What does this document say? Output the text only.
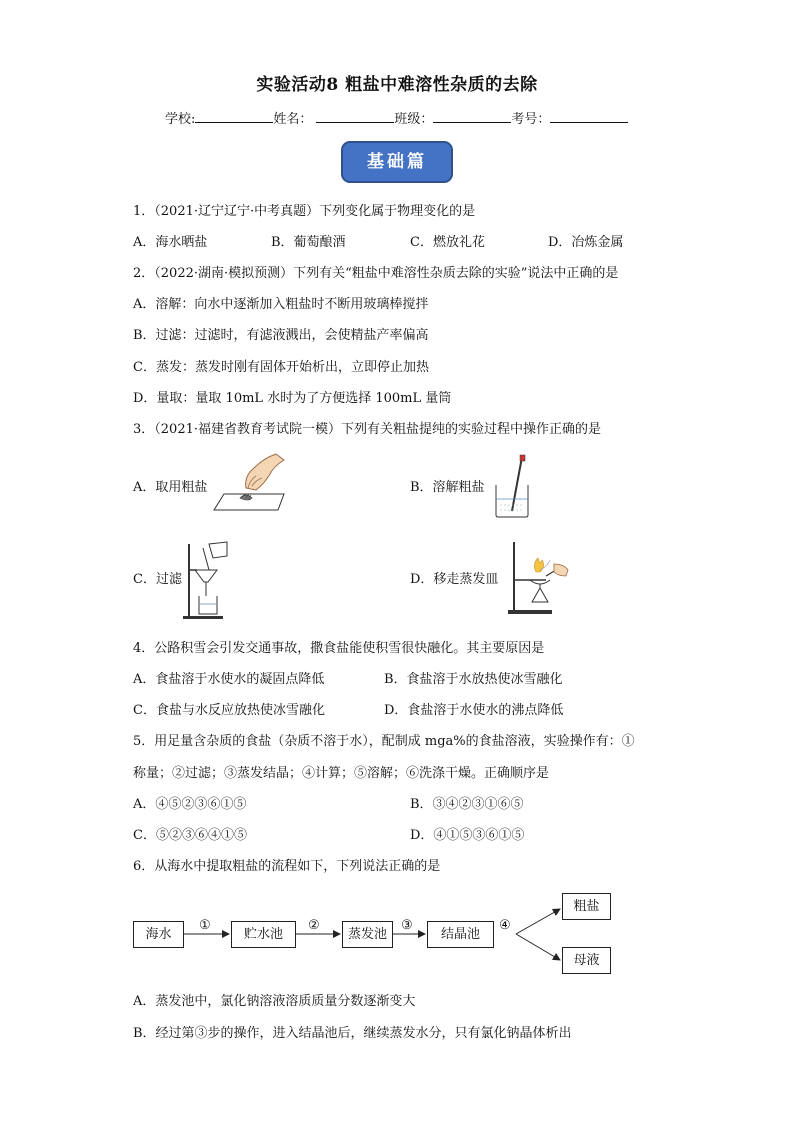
实验活动8 粗盐中难溶性杂质的去除
学校:	姓名：	班级：	考号：
基础篇
1．（2021·辽宁辽宁·中考真题）下列变化属于物理变化的是
A．海水晒盐	B．葡萄酿酒	C．燃放礼花	D．冶炼金属
2．（2022·湖南·模拟预测）下列有关“粗盐中难溶性杂质去除的实验”说法中正确的是
A．溶解：向水中逐渐加入粗盐时不断用玻璃棒搅拌
B．过滤：过滤时，有滤液溅出，会使精盐产率偏高
C．蒸发：蒸发时刚有固体开始析出，立即停止加热
D．量取：量取 10mL 水时为了方便选择 100mL 量筒
3．（2021·福建省教育考试院一模）下列有关粗盐提纯的实验过程中操作正确的是
A．取用粗盐	B．溶解粗盐
C．过滤	D．移走蒸发皿
4．公路积雪会引发交通事故，撒食盐能使积雪很快融化。其主要原因是
A．食盐溶于水使水的凝固点降低	B．食盐溶于水放热使冰雪融化
C．食盐与水反应放热使冰雪融化	D．食盐溶于水使水的沸点降低
5．用足量含杂质的食盐（杂质不溶于水），配制成 mga%的食盐溶液，实验操作有：①
称量；②过滤；③蒸发结晶；④计算；⑤溶解；⑥洗涤干燥。正确顺序是
A．④⑤②③⑥①⑤	B．③④②③①⑥⑤
C．⑤②③⑥④①⑤	D．④①⑤③⑥①⑤
6．从海水中提取粗盐的流程如下，下列说法正确的是
海水	贮水池	蒸发池	结晶池
粗盐
母液
①	②	③	④
A．蒸发池中，氯化钠溶液溶质质量分数逐渐变大
B．经过第③步的操作，进入结晶池后，继续蒸发水分，只有氯化钠晶体析出
